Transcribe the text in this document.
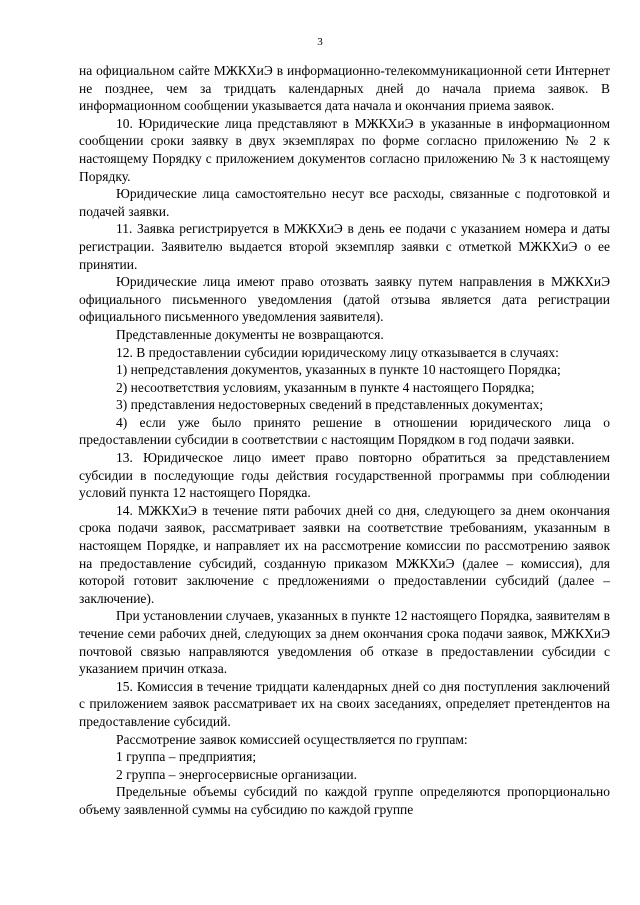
3

на официальном сайте МЖКХиЭ в информационно-телекоммуникационной сети Интернет не позднее, чем за тридцать календарных дней до начала приема заявок. В информационном сообщении указывается дата начала и окончания приема заявок.

10. Юридические лица представляют в МЖКХиЭ в указанные в информационном сообщении сроки заявку в двух экземплярах по форме согласно приложению № 2 к настоящему Порядку с приложением документов согласно приложению № 3 к настоящему Порядку.

Юридические лица самостоятельно несут все расходы, связанные с подготовкой и подачей заявки.

11. Заявка регистрируется в МЖКХиЭ в день ее подачи с указанием номера и даты регистрации. Заявителю выдается второй экземпляр заявки с отметкой МЖКХиЭ о ее принятии.

Юридические лица имеют право отозвать заявку путем направления в МЖКХиЭ официального письменного уведомления (датой отзыва является дата регистрации официального письменного уведомления заявителя).

Представленные документы не возвращаются.

12. В предоставлении субсидии юридическому лицу отказывается в случаях:

1) непредставления документов, указанных в пункте 10 настоящего Порядка;

2) несоответствия условиям, указанным в пункте 4 настоящего Порядка;

3) представления недостоверных сведений в представленных документах;

4) если уже было принято решение в отношении юридического лица о предоставлении субсидии в соответствии с настоящим Порядком в год подачи заявки.

13. Юридическое лицо имеет право повторно обратиться за представлением субсидии в последующие годы действия государственной программы при соблюдении условий пункта 12 настоящего Порядка.

14. МЖКХиЭ в течение пяти рабочих дней со дня, следующего за днем окончания срока подачи заявок, рассматривает заявки на соответствие требованиям, указанным в настоящем Порядке, и направляет их на рассмотрение комиссии по рассмотрению заявок на предоставление субсидий, созданную приказом МЖКХиЭ (далее – комиссия), для которой готовит заключение с предложениями о предоставлении субсидий (далее – заключение).

При установлении случаев, указанных в пункте 12 настоящего Порядка, заявителям в течение семи рабочих дней, следующих за днем окончания срока подачи заявок, МЖКХиЭ почтовой связью направляются уведомления об отказе в предоставлении субсидии с указанием причин отказа.

15. Комиссия в течение тридцати календарных дней со дня поступления заключений с приложением заявок рассматривает их на своих заседаниях, определяет претендентов на предоставление субсидий.

Рассмотрение заявок комиссией осуществляется по группам:

1 группа – предприятия;

2 группа – энергосервисные организации.

Предельные объемы субсидий по каждой группе определяются пропорционально объему заявленной суммы на субсидию по каждой группе
